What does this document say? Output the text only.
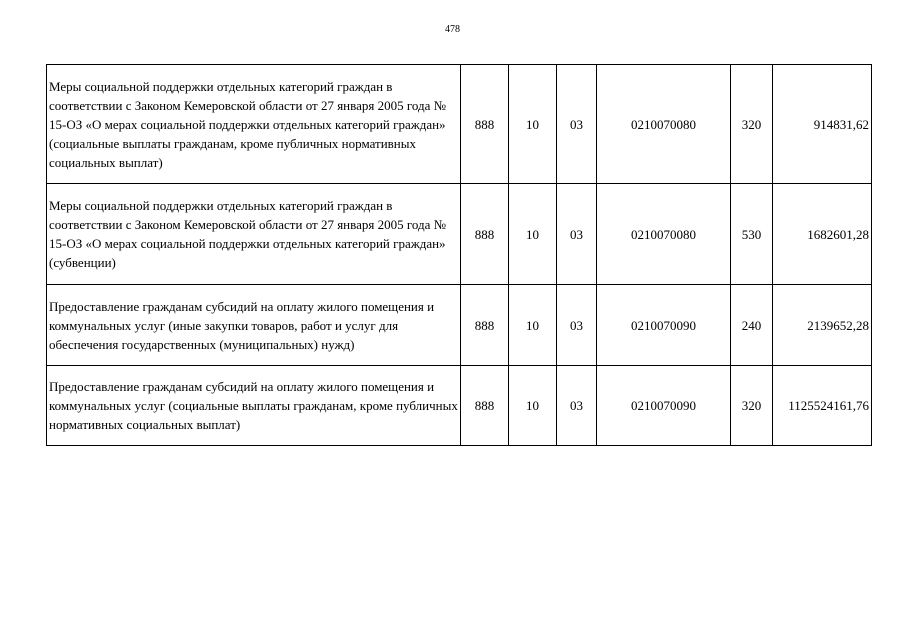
478
Меры социальной поддержки отдельных категорий граждан в соответствии с Законом Кемеровской области от 27 января 2005 года № 15-ОЗ «О мерах социальной поддержки отдельных категорий граждан» (социальные выплаты гражданам, кроме публичных нормативных социальных выплат)	888	10	03	0210070080	320	914831,62
Меры социальной поддержки отдельных категорий граждан в соответствии с Законом Кемеровской области от 27 января 2005 года № 15-ОЗ «О мерах социальной поддержки отдельных категорий граждан» (субвенции)	888	10	03	0210070080	530	1682601,28
Предоставление гражданам субсидий на оплату жилого помещения и коммунальных услуг (иные закупки товаров, работ и услуг для обеспечения государственных (муниципальных) нужд)	888	10	03	0210070090	240	2139652,28
Предоставление гражданам субсидий на оплату жилого помещения и коммунальных услуг (социальные выплаты гражданам, кроме публичных нормативных социальных выплат)	888	10	03	0210070090	320	1125524161,76
